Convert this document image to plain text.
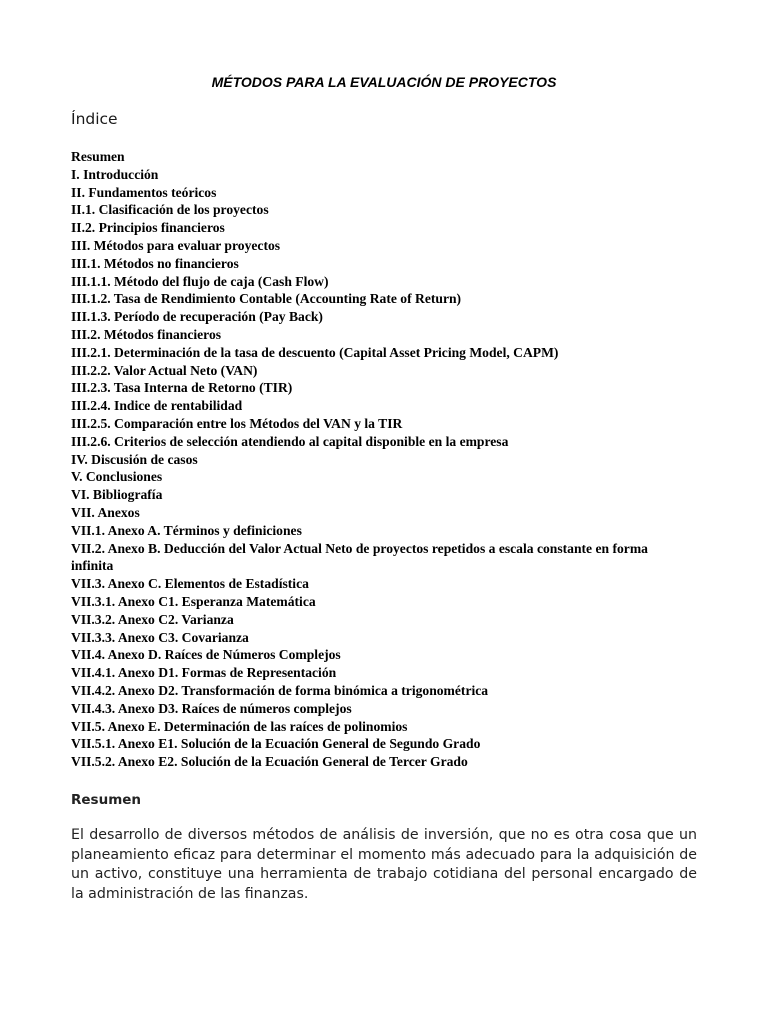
MÉTODOS PARA LA EVALUACIÓN DE PROYECTOS
Índice
Resumen
I. Introducción
II. Fundamentos teóricos
II.1. Clasificación de los proyectos
II.2. Principios financieros
III. Métodos para evaluar proyectos
III.1. Métodos no financieros
III.1.1. Método del flujo de caja (Cash Flow)
III.1.2. Tasa de Rendimiento Contable (Accounting Rate of Return)
III.1.3. Período de recuperación (Pay Back)
III.2. Métodos financieros
III.2.1. Determinación de la tasa de descuento (Capital Asset Pricing Model, CAPM)
III.2.2. Valor Actual Neto (VAN)
III.2.3. Tasa Interna de Retorno (TIR)
III.2.4. Indice de rentabilidad
III.2.5. Comparación entre los Métodos del VAN y la TIR
III.2.6. Criterios de selección atendiendo al capital disponible en la empresa
IV. Discusión de casos
V. Conclusiones
VI. Bibliografía
VII. Anexos
VII.1. Anexo A. Términos y definiciones
VII.2. Anexo B. Deducción del Valor Actual Neto de proyectos repetidos a escala constante en forma infinita
VII.3. Anexo C. Elementos de Estadística
VII.3.1. Anexo C1. Esperanza Matemática
VII.3.2. Anexo C2. Varianza
VII.3.3. Anexo C3. Covarianza
VII.4. Anexo D. Raíces de Números Complejos
VII.4.1. Anexo D1. Formas de Representación
VII.4.2. Anexo D2. Transformación de forma binómica a trigonométrica
VII.4.3. Anexo D3. Raíces de números complejos
VII.5. Anexo E. Determinación de las raíces de polinomios
VII.5.1. Anexo E1. Solución de la Ecuación General de Segundo Grado
VII.5.2. Anexo E2. Solución de la Ecuación General de Tercer Grado
Resumen

El desarrollo de diversos métodos de análisis de inversión, que no es otra cosa que un planeamiento eficaz para determinar el momento más adecuado para la adquisición de un activo, constituye una herramienta de trabajo cotidiana del personal encargado de la administración de las finanzas.
